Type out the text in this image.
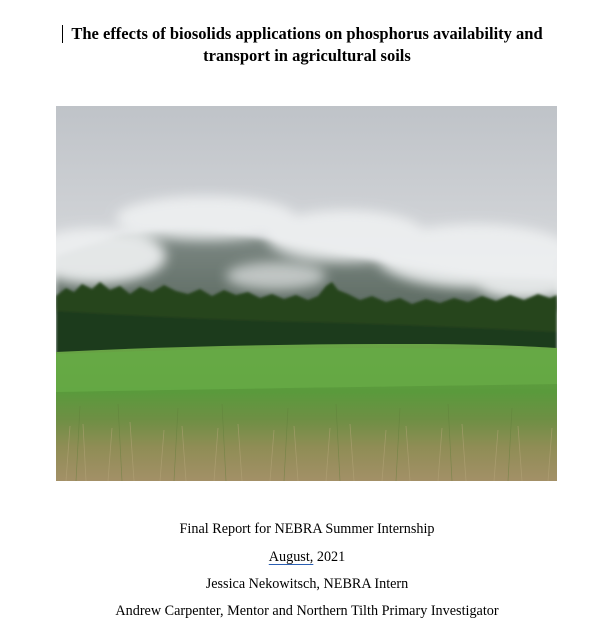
The effects of biosolids applications on phosphorus availability and transport in agricultural soils
Final Report for NEBRA Summer Internship
August, 2021
Jessica Nekowitsch, NEBRA Intern
Andrew Carpenter, Mentor and Northern Tilth Primary Investigator
